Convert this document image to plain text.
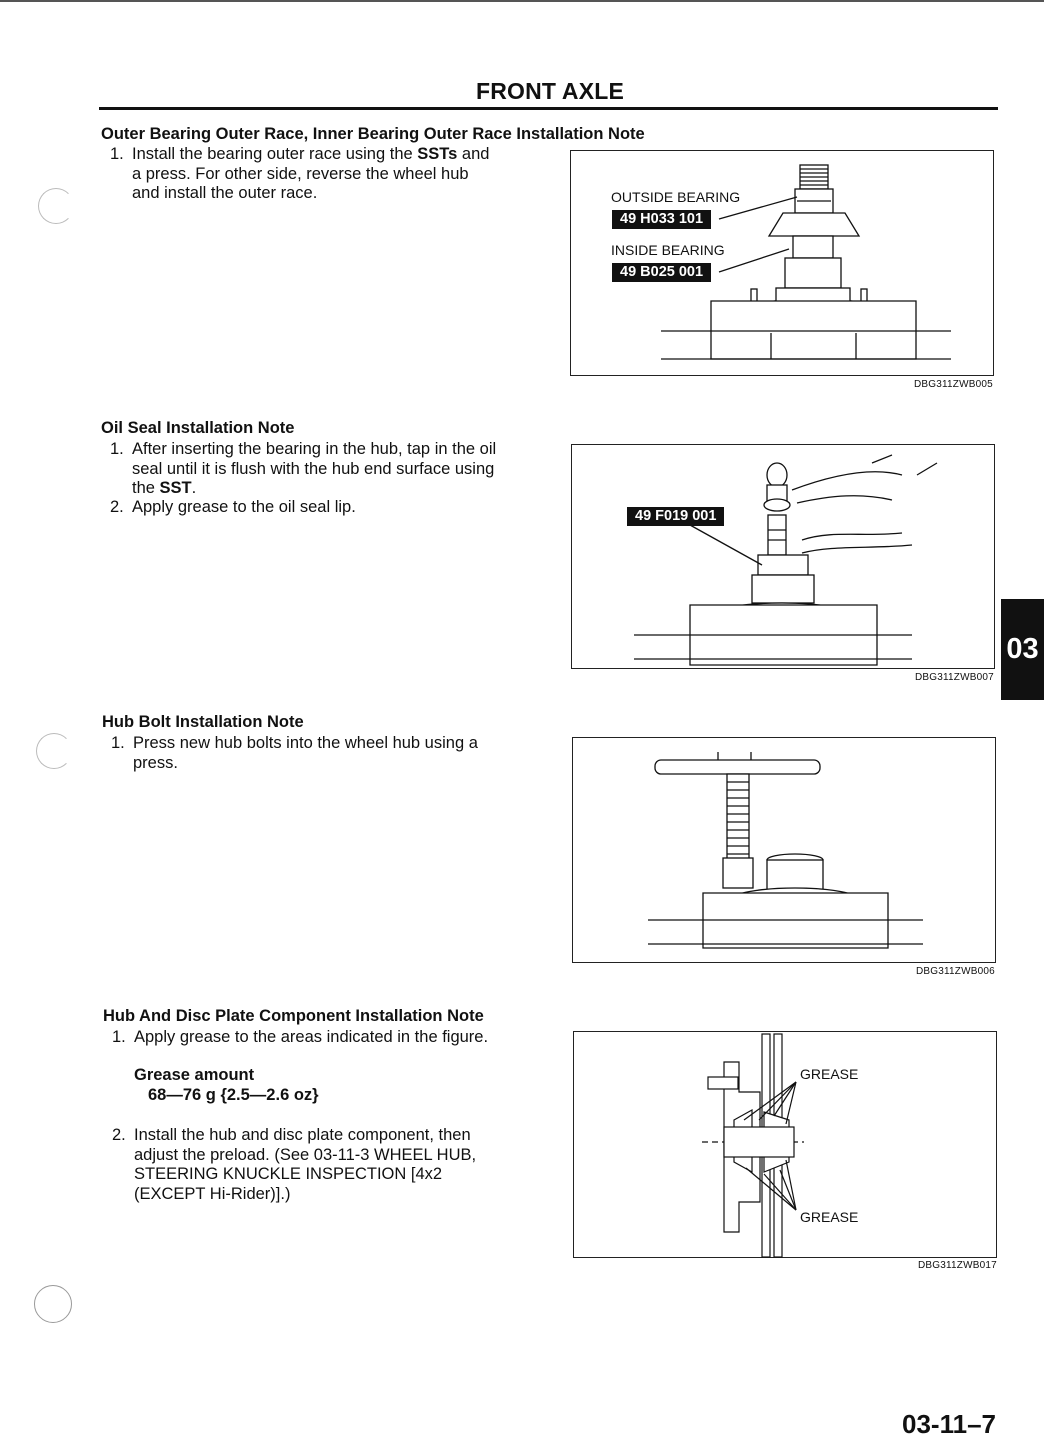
FRONT AXLE
Outer Bearing Outer Race, Inner Bearing Outer Race Installation Note
1. Install the bearing outer race using the SSTs and
a press. For other side, reverse the wheel hub
and install the outer race.	OUTSIDE BEARING
49 H033 101
INSIDE BEARING
49 B025 001
DBG311ZWB005
Oil Seal Installation Note
1. After inserting the bearing in the hub, tap in the oil
seal until it is flush with the hub end surface using
the SST.
2. Apply grease to the oil seal lip.	49 F019 001
DBG311ZWB007
03
Hub Bolt Installation Note
1. Press new hub bolts into the wheel hub using a
press.
DBG311ZWB006
Hub And Disc Plate Component Installation Note
1. Apply grease to the areas indicated in the figure.
Grease amount
68—76 g {2.5—2.6 oz}
2. Install the hub and disc plate component, then
adjust the preload. (See 03-11-3 WHEEL HUB,
STEERING KNUCKLE INSPECTION [4x2
(EXCEPT Hi-Rider)].)
GREASE
GREASE
DBG311ZWB017
03-11–7
